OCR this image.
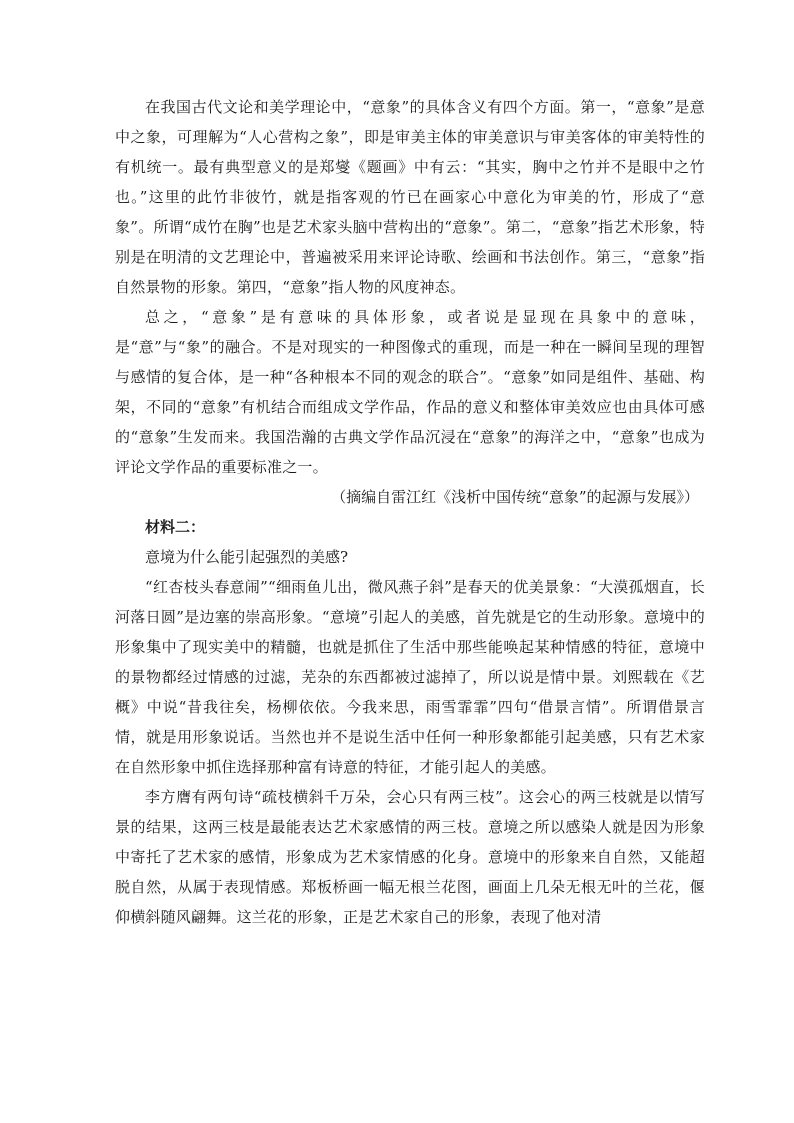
在我国古代文论和美学理论中，“意象”的具体含义有四个方面。第一，“意象”是意中之象，可理解为“人心营构之象”，即是审美主体的审美意识与审美客体的审美特性的有机统一。最有典型意义的是郑燮《题画》中有云：“其实，胸中之竹并不是眼中之竹也。”这里的此竹非彼竹，就是指客观的竹已在画家心中意化为审美的竹，形成了“意象”。所谓“成竹在胸”也是艺术家头脑中营构出的“意象”。第二，“意象”指艺术形象，特别是在明清的文艺理论中，普遍被采用来评论诗歌、绘画和书法创作。第三，“意象”指自然景物的形象。第四，“意象”指人物的风度神态。

总之，“意象”是有意味的具体形象，或者说是显现在具象中的意味，是“意”与“象”的融合。不是对现实的一种图像式的重现，而是一种在一瞬间呈现的理智与感情的复合体，是一种“各种根本不同的观念的联合”。“意象”如同是组件、基础、构架，不同的“意象”有机结合而组成文学作品，作品的意义和整体审美效应也由具体可感的“意象”生发而来。我国浩瀚的古典文学作品沉浸在“意象”的海洋之中，“意象”也成为评论文学作品的重要标准之一。

（摘编自雷江红《浅析中国传统“意象”的起源与发展》）

材料二：

意境为什么能引起强烈的美感?

“红杏枝头春意闹”“细雨鱼儿出，微风燕子斜”是春天的优美景象：“大漠孤烟直，长河落日圆”是边塞的崇高形象。“意境”引起人的美感，首先就是它的生动形象。意境中的形象集中了现实美中的精髓，也就是抓住了生活中那些能唤起某种情感的特征，意境中的景物都经过情感的过滤，芜杂的东西都被过滤掉了，所以说是情中景。刘熙载在《艺概》中说“昔我往矣，杨柳依依。今我来思，雨雪霏霏”四句“借景言情”。所谓借景言情，就是用形象说话。当然也并不是说生活中任何一种形象都能引起美感，只有艺术家在自然形象中抓住选择那种富有诗意的特征，才能引起人的美感。

李方膺有两句诗“疏枝横斜千万朵，会心只有两三枝”。这会心的两三枝就是以情写景的结果，这两三枝是最能表达艺术家感情的两三枝。意境之所以感染人就是因为形象中寄托了艺术家的感情，形象成为艺术家情感的化身。意境中的形象来自自然，又能超脱自然，从属于表现情感。郑板桥画一幅无根兰花图，画面上几朵无根无叶的兰花，偃仰横斜随风翩舞。这兰花的形象，正是艺术家自己的形象，表现了他对清
